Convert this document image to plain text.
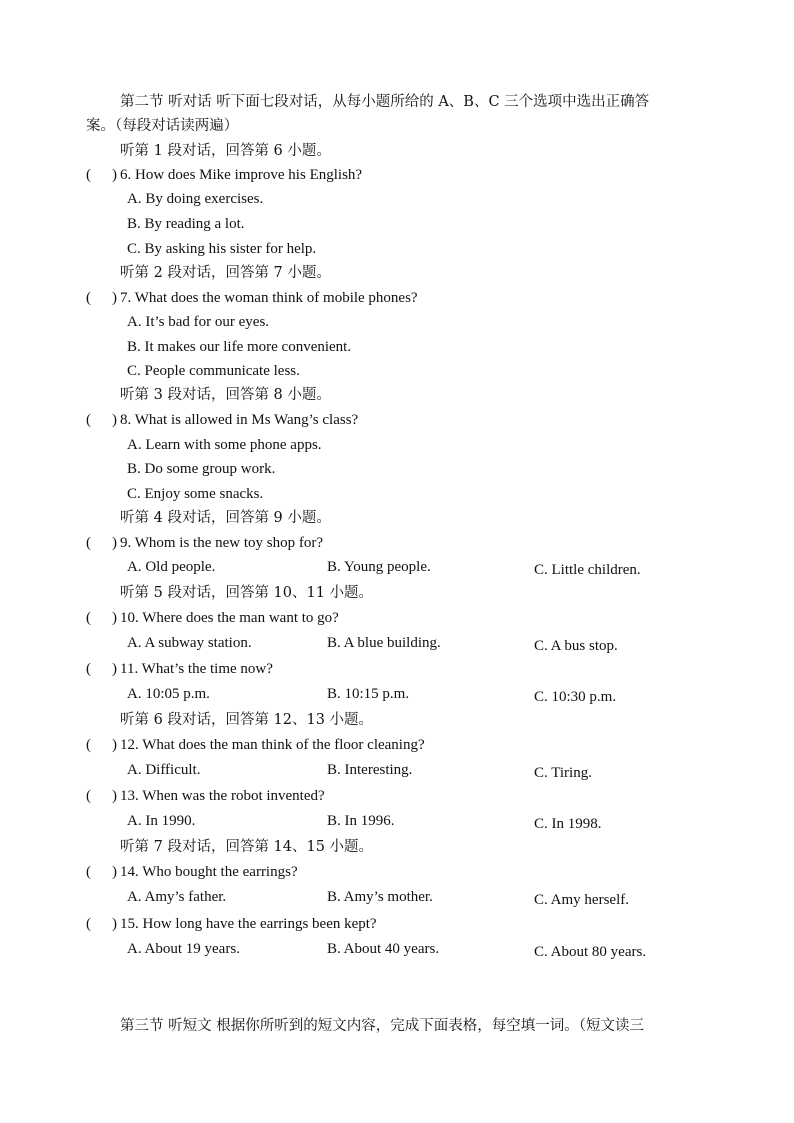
第二节 听对话 听下面七段对话，从每小题所给的 A、B、C 三个选项中选出正确答
案。（每段对话读两遍）
听第 1 段对话，回答第 6 小题。
( ) 6. How does Mike improve his English?
A. By doing exercises.
B. By reading a lot.
C. By asking his sister for help.
听第 2 段对话，回答第 7 小题。
( ) 7. What does the woman think of mobile phones?
A. It’s bad for our eyes.
B. It makes our life more convenient.
C. People communicate less.
听第 3 段对话，回答第 8 小题。
( ) 8. What is allowed in Ms Wang’s class?
A. Learn with some phone apps.
B. Do some group work.
C. Enjoy some snacks.
听第 4 段对话，回答第 9 小题。
( ) 9. Whom is the new toy shop for?
A. Old people.	B. Young people.	C. Little children.
听第 5 段对话，回答第 10、11 小题。
( ) 10. Where does the man want to go?
A. A subway station.	B. A blue building.	C. A bus stop.
( ) 11. What’s the time now?
A. 10:05 p.m.	B. 10:15 p.m.	C. 10:30 p.m.
听第 6 段对话，回答第 12、13 小题。
( ) 12. What does the man think of the floor cleaning?
A. Difficult.	B. Interesting.	C. Tiring.
( ) 13. When was the robot invented?
A. In 1990.	B. In 1996.	C. In 1998.
听第 7 段对话，回答第 14、15 小题。
( ) 14. Who bought the earrings?
A. Amy’s father.	B. Amy’s mother.	C. Amy herself.
( ) 15. How long have the earrings been kept?
A. About 19 years.	B. About 40 years.	C. About 80 years.
第三节 听短文 根据你所听到的短文内容，完成下面表格，每空填一词。（短文读三
